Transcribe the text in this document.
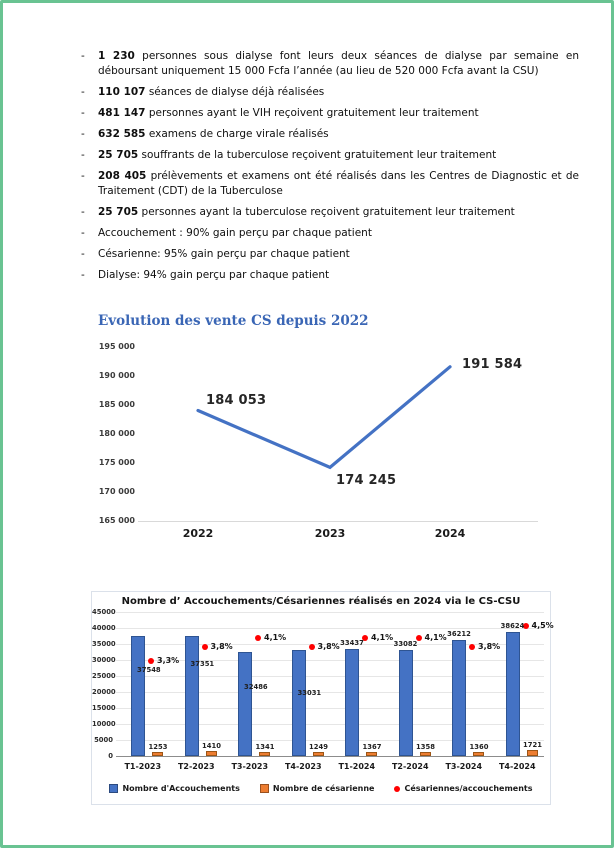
-	1 230 personnes sous dialyse font leurs deux séances de dialyse par semaine en déboursant uniquement 15 000 Fcfa l’année (au lieu de 520 000 Fcfa avant la CSU)
-	110 107 séances de dialyse déjà réalisées
-	481 147 personnes ayant le VIH reçoivent gratuitement leur traitement
-	632 585 examens de charge virale réalisés
-	25 705 souffrants de la tuberculose reçoivent gratuitement leur traitement
-	208 405 prélèvements et examens ont été réalisés dans les Centres de Diagnostic et de Traitement (CDT) de la Tuberculose
-	25 705 personnes ayant la tuberculose reçoivent gratuitement leur traitement
-	Accouchement : 90% gain perçu par chaque patient
-	Césarienne: 95% gain perçu par chaque patient
-	Dialyse: 94% gain perçu par chaque patient
Evolution des vente CS depuis 2022
195 000
190 000
185 000
180 000
175 000
170 000
165 000
2022	2023	2024
184 053
174 245
191 584
Nombre d’ Accouchements/Césariennes réalisés en 2024 via le CS-CSU
45000
40000
35000
30000
25000
20000
15000
10000
5000
0
1253
3,3%
37548
T1-2023
1410
3,8%
37351
T2-2023
1341
4,1%
32486
T3-2023
1249
3,8%
33031
T4-2023
1367
4,1%
33437
T1-2024
1358
4,1%
33082
T2-2024
1360
3,8%
36212
T3-2024
1721
4,5%
38624
T4-2024
Nombre d'Accouchements	Nombre de césarienne	Césariennes/accouchements
